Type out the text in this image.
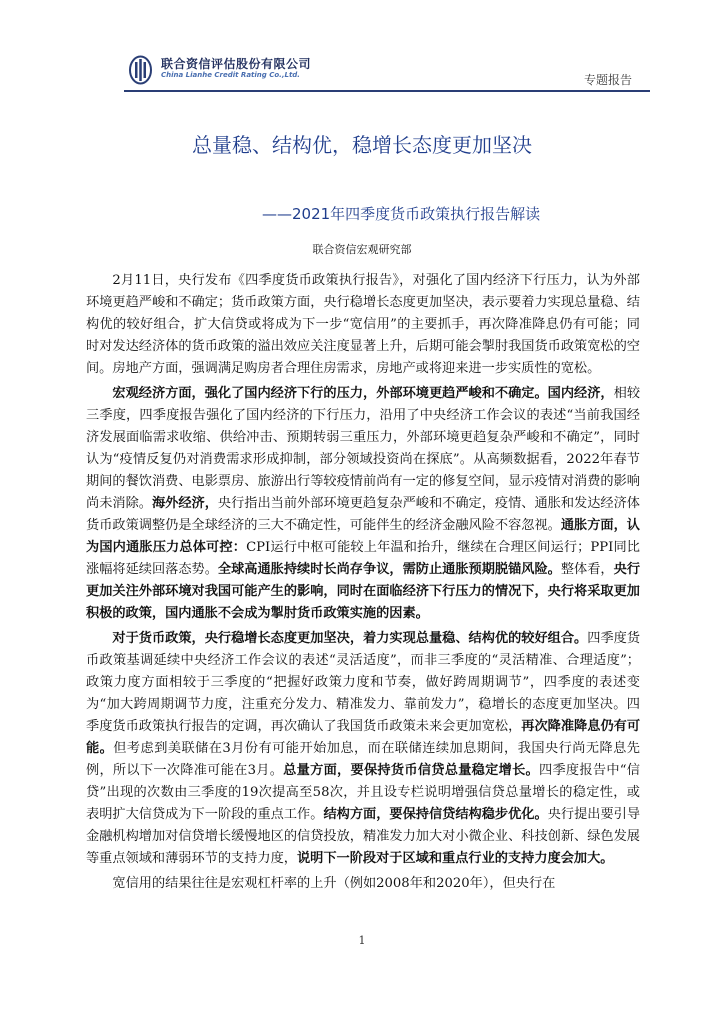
联合资信评估股份有限公司
China Lianhe Credit Rating Co.,Ltd.	专题报告
总量稳、结构优，稳增长态度更加坚决
——2021年四季度货币政策执行报告解读
联合资信宏观研究部

2月11日，央行发布《四季度货币政策执行报告》，对强化了国内经济下行压力，认为外部环境更趋严峻和不确定；货币政策方面，央行稳增长态度更加坚决，表示要着力实现总量稳、结构优的较好组合，扩大信贷或将成为下一步“宽信用”的主要抓手，再次降准降息仍有可能；同时对发达经济体的货币政策的溢出效应关注度显著上升，后期可能会掣肘我国货币政策宽松的空间。房地产方面，强调满足购房者合理住房需求，房地产或将迎来进一步实质性的宽松。

宏观经济方面，强化了国内经济下行的压力，外部环境更趋严峻和不确定。国内经济，相较三季度，四季度报告强化了国内经济的下行压力，沿用了中央经济工作会议的表述“当前我国经济发展面临需求收缩、供给冲击、预期转弱三重压力，外部环境更趋复杂严峻和不确定”，同时认为“疫情反复仍对消费需求形成抑制，部分领域投资尚在探底”。从高频数据看，2022年春节期间的餐饮消费、电影票房、旅游出行等较疫情前尚有一定的修复空间，显示疫情对消费的影响尚未消除。海外经济，央行指出当前外部环境更趋复杂严峻和不确定，疫情、通胀和发达经济体货币政策调整仍是全球经济的三大不确定性，可能伴生的经济金融风险不容忽视。通胀方面，认为国内通胀压力总体可控：CPI运行中枢可能较上年温和抬升，继续在合理区间运行；PPI同比涨幅将延续回落态势。全球高通胀持续时长尚存争议，需防止通胀预期脱锚风险。整体看，央行更加关注外部环境对我国可能产生的影响，同时在面临经济下行压力的情况下，央行将采取更加积极的政策，国内通胀不会成为掣肘货币政策实施的因素。

对于货币政策，央行稳增长态度更加坚决，着力实现总量稳、结构优的较好组合。四季度货币政策基调延续中央经济工作会议的表述“灵活适度”，而非三季度的“灵活精准、合理适度”；政策力度方面相较于三季度的“把握好政策力度和节奏，做好跨周期调节”，四季度的表述变为“加大跨周期调节力度，注重充分发力、精准发力、靠前发力”，稳增长的态度更加坚决。四季度货币政策执行报告的定调，再次确认了我国货币政策未来会更加宽松，再次降准降息仍有可能。但考虑到美联储在3月份有可能开始加息，而在联储连续加息期间，我国央行尚无降息先例，所以下一次降准可能在3月。总量方面，要保持货币信贷总量稳定增长。四季度报告中“信贷”出现的次数由三季度的19次提高至58次，并且设专栏说明增强信贷总量增长的稳定性，或表明扩大信贷成为下一阶段的重点工作。结构方面，要保持信贷结构稳步优化。央行提出要引导金融机构增加对信贷增长缓慢地区的信贷投放，精准发力加大对小微企业、科技创新、绿色发展等重点领域和薄弱环节的支持力度，说明下一阶段对于区域和重点行业的支持力度会加大。

宽信用的结果往往是宏观杠杆率的上升（例如2008年和2020年），但央行在

1
